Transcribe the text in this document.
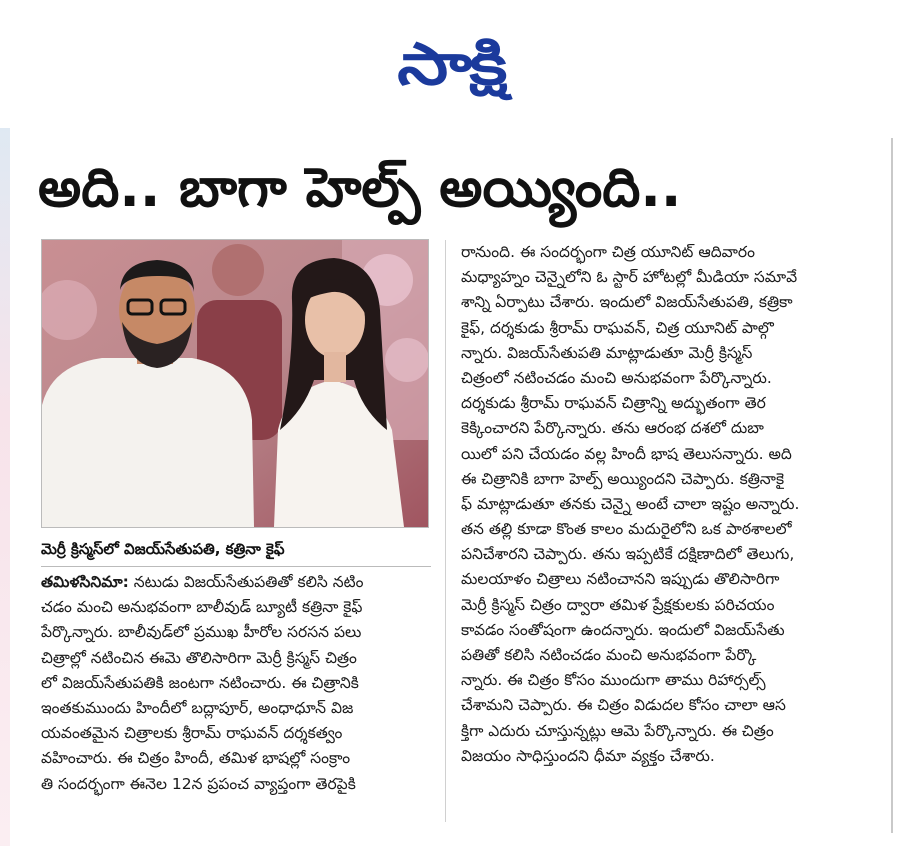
సాక్షి
అది.. బాగా హెల్ప్ అయ్యింది..
మెర్రీ క్రిస్మస్‌లో విజయ్‌సేతుపతి, కత్రినా కైఫ్
తమిళసినిమా: నటుడు విజయ్‌సేతుపతితో కలిసి నటిం
చడం మంచి అనుభవంగా బాలీవుడ్ బ్యూటీ కత్రినా కైఫ్
పేర్కొన్నారు. బాలీవుడ్‌లో ప్రముఖ హీరోల సరసన పలు
చిత్రాల్లో నటించిన ఈమె తొలిసారిగా మెర్రీ క్రిస్మస్ చిత్రం
లో విజయ్‌సేతుపతికి జంటగా నటించారు. ఈ చిత్రానికి
ఇంతకుముందు హిందీలో బద్లాపూర్, అంధాధూన్ విజ
యవంతమైన చిత్రాలకు శ్రీరామ్ రాఘవన్ దర్శకత్వం
వహించారు. ఈ చిత్రం హిందీ, తమిళ భాషల్లో సంక్రాం
తి సందర్భంగా ఈనెల 12న ప్రపంచ వ్యాప్తంగా తెరపైకి
రానుంది. ఈ సందర్భంగా చిత్ర యూనిట్ ఆదివారం
మధ్యాహ్నం చెన్నైలోని ఓ స్టార్ హోటల్లో మీడియా సమావే
శాన్ని ఏర్పాటు చేశారు. ఇందులో విజయ్‌సేతుపతి, కత్రికా
కైఫ్, దర్శకుడు శ్రీరామ్ రాఘవన్, చిత్ర యూనిట్ పాల్గొ
న్నారు. విజయ్‌సేతుపతి మాట్లాడుతూ మెర్రీ క్రిస్మస్
చిత్రంలో నటించడం మంచి అనుభవంగా పేర్కొన్నారు.
దర్శకుడు శ్రీరామ్ రాఘవన్ చిత్రాన్ని అద్భుతంగా తెర
కెక్కించారని పేర్కొన్నారు. తను ఆరంభ దశలో దుబా
యిలో పని చేయడం వల్ల హిందీ భాష తెలుసన్నారు. అది
ఈ చిత్రానికి బాగా హెల్ప్ అయ్యిందని చెప్పారు. కత్రినాకై
ఫ్ మాట్లాడుతూ తనకు చెన్నై అంటే చాలా ఇష్టం అన్నారు.
తన తల్లి కూడా కొంత కాలం మదురైలోని ఒక పాఠశాలలో
పనిచేశారని చెప్పారు. తను ఇప్పటికే దక్షిణాదిలో తెలుగు,
మలయాళం చిత్రాలు నటించానని ఇప్పుడు తొలిసారిగా
మెర్రీ క్రిస్మస్ చిత్రం ద్వారా తమిళ ప్రేక్షకులకు పరిచయం
కావడం సంతోషంగా ఉందన్నారు. ఇందులో విజయ్‌సేతు
పతితో కలిసి నటించడం మంచి అనుభవంగా పేర్కొ
న్నారు. ఈ చిత్రం కోసం ముందుగా తాము రిహార్సల్స్
చేశామని చెప్పారు. ఈ చిత్రం విడుదల కోసం చాలా ఆస
క్తిగా ఎదురు చూస్తున్నట్లు ఆమె పేర్కొన్నారు. ఈ చిత్రం
విజయం సాధిస్తుందని ధీమా వ్యక్తం చేశారు.
